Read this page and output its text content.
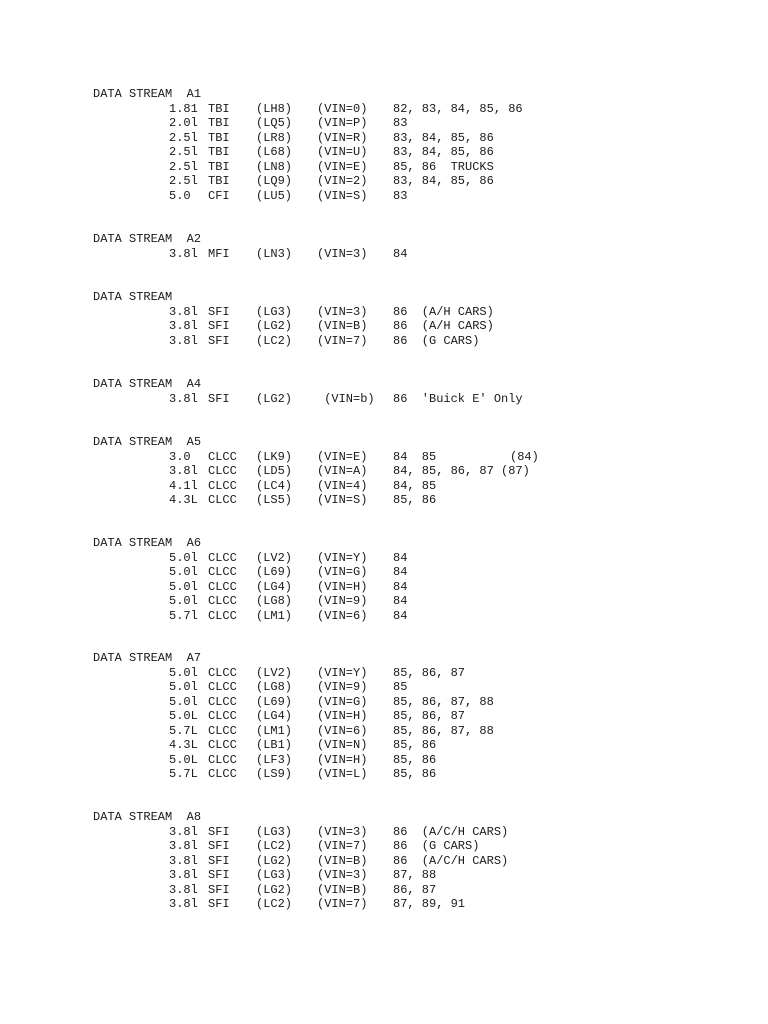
DATA STREAM  A1
1.81 TBI (LH8) (VIN=0) 82, 83, 84, 85, 86
2.0l TBI (LQ5) (VIN=P) 83
2.5l TBI (LR8) (VIN=R) 83, 84, 85, 86
2.5l TBI (L68) (VIN=U) 83, 84, 85, 86
2.5l TBI (LN8) (VIN=E) 85, 86  TRUCKS
2.5l TBI (LQ9) (VIN=2) 83, 84, 85, 86
5.0 CFI (LU5) (VIN=S) 83
DATA STREAM  A2
3.8l MFI (LN3) (VIN=3) 84
DATA STREAM
3.8l SFI (LG3) (VIN=3) 86  (A/H CARS)
3.8l SFI (LG2) (VIN=B) 86  (A/H CARS)
3.8l SFI (LC2) (VIN=7) 86  (G CARS)
DATA STREAM  A4
3.8l SFI (LG2) (VIN=b) 86  'Buick E' Only
DATA STREAM  A5
3.0 CLCC (LK9) (VIN=E) 84  85	(84)
3.8l CLCC (LD5) (VIN=A) 84, 85, 86, 87 (87)
4.1l CLCC (LC4) (VIN=4) 84, 85
4.3L CLCC (LS5) (VIN=S) 85, 86
DATA STREAM  A6
5.0l CLCC (LV2) (VIN=Y) 84
5.0l CLCC (L69) (VIN=G) 84
5.0l CLCC (LG4) (VIN=H) 84
5.0l CLCC (LG8) (VIN=9) 84
5.7l CLCC (LM1) (VIN=6) 84
DATA STREAM  A7
5.0l CLCC (LV2) (VIN=Y) 85, 86, 87
5.0l CLCC (LG8) (VIN=9) 85
5.0l CLCC (L69) (VIN=G) 85, 86, 87, 88
5.0L CLCC (LG4) (VIN=H) 85, 86, 87
5.7L CLCC (LM1) (VIN=6) 85, 86, 87, 88
4.3L CLCC (LB1) (VIN=N) 85, 86
5.0L CLCC (LF3) (VIN=H) 85, 86
5.7L CLCC (LS9) (VIN=L) 85, 86
DATA STREAM  A8
3.8l SFI (LG3) (VIN=3) 86  (A/C/H CARS)
3.8l SFI (LC2) (VIN=7) 86  (G CARS)
3.8l SFI (LG2) (VIN=B) 86  (A/C/H CARS)
3.8l SFI (LG3) (VIN=3) 87, 88
3.8l SFI (LG2) (VIN=B) 86, 87
3.8l SFI (LC2) (VIN=7) 87, 89, 91
